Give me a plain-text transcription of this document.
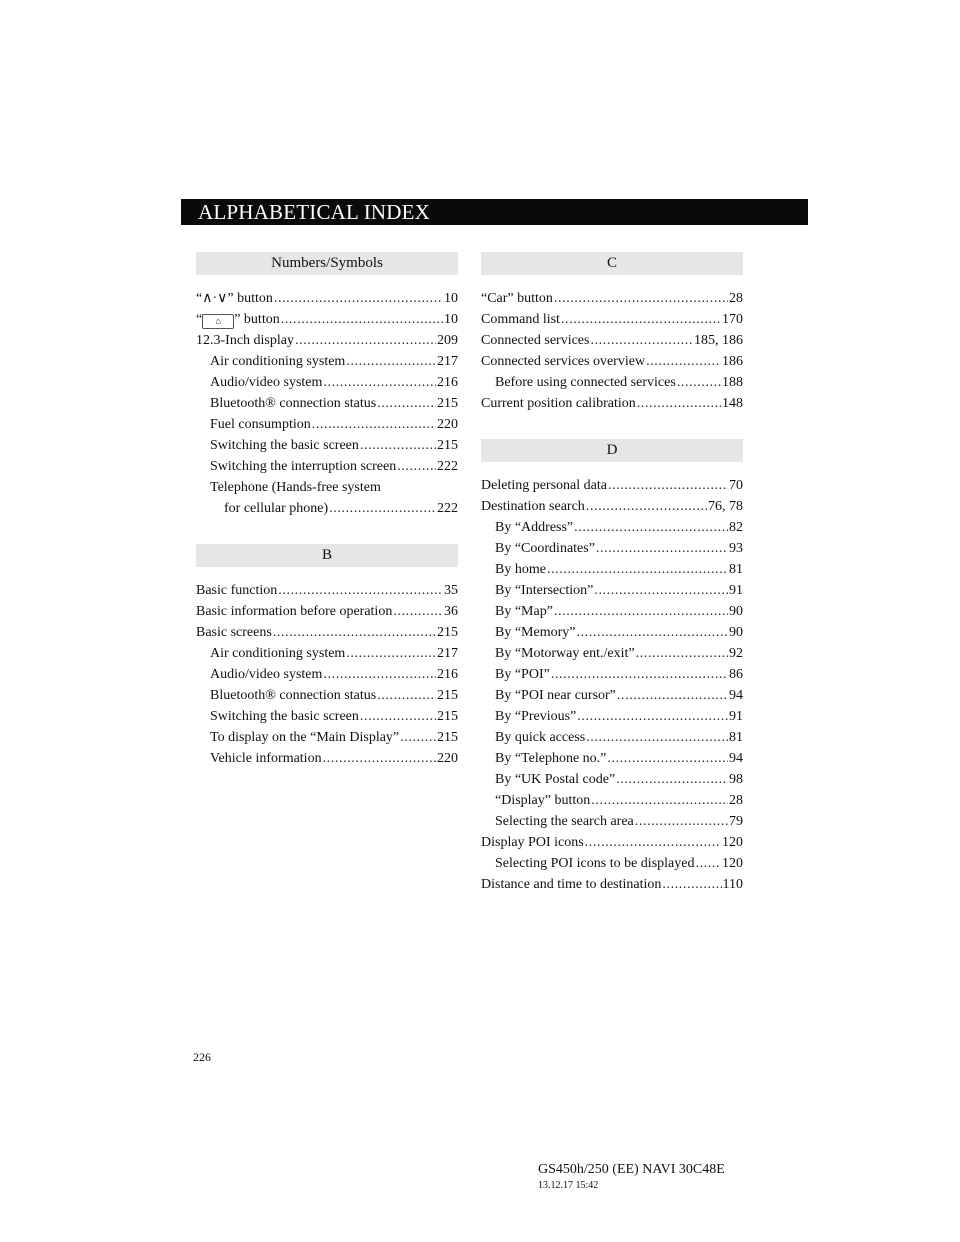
ALPHABETICAL INDEX
Numbers/Symbols
“∧·∨” button .....	10
“ ⌂ ” button .....	10
12.3-Inch display .....	209
Air conditioning system .....	217
Audio/video system .....	216
Bluetooth® connection status .....	215
Fuel consumption .....	220
Switching the basic screen .....	215
Switching the interruption screen .....	222
Telephone (Hands-free system
for cellular phone) .....	222
B
Basic function .....	35
Basic information before operation .....	36
Basic screens .....	215
Air conditioning system .....	217
Audio/video system .....	216
Bluetooth® connection status .....	215
Switching the basic screen .....	215
To display on the “Main Display” .....	215
Vehicle information .....	220
C
“Car” button .....	28
Command list .....	170
Connected services .....	185, 186
Connected services overview .....	186
Before using connected services .....	188
Current position calibration .....	148
D
Deleting personal data .....	70
Destination search .....	76, 78
By “Address” .....	82
By “Coordinates” .....	93
By home .....	81
By “Intersection” .....	91
By “Map” .....	90
By “Memory” .....	90
By “Motorway ent./exit” .....	92
By “POI” .....	86
By “POI near cursor” .....	94
By “Previous” .....	91
By quick access .....	81
By “Telephone no.” .....	94
By “UK Postal code” .....	98
“Display” button .....	28
Selecting the search area .....	79
Display POI icons .....	120
Selecting POI icons to be displayed ..... 120
Distance and time to destination .....	110
226
GS450h/250 (EE) NAVI 30C48E
13.12.17 15:42
